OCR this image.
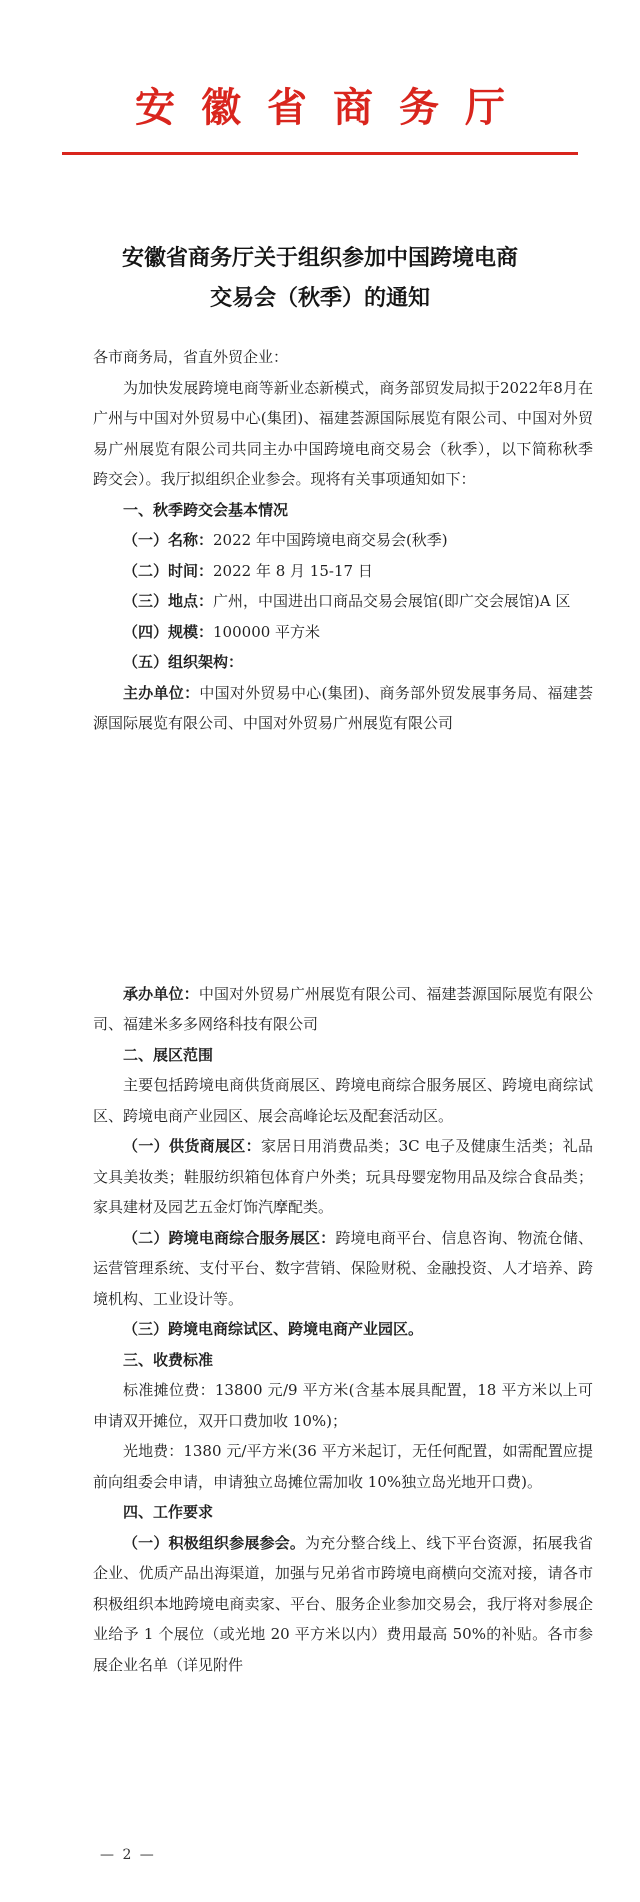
安徽省商务厅
安徽省商务厅关于组织参加中国跨境电商
交易会（秋季）的通知

各市商务局，省直外贸企业：

为加快发展跨境电商等新业态新模式，商务部贸发局拟于2022年8月在广州与中国对外贸易中心(集团)、福建荟源国际展览有限公司、中国对外贸易广州展览有限公司共同主办中国跨境电商交易会（秋季），以下简称秋季跨交会）。我厅拟组织企业参会。现将有关事项通知如下：

一、秋季跨交会基本情况

（一）名称：2022 年中国跨境电商交易会(秋季)

（二）时间：2022 年 8 月 15-17 日

（三）地点：广州，中国进出口商品交易会展馆(即广交会展馆)A 区

（四）规模：100000 平方米

（五）组织架构：

主办单位：中国对外贸易中心(集团)、商务部外贸发展事务局、福建荟源国际展览有限公司、中国对外贸易广州展览有限公司

承办单位：中国对外贸易广州展览有限公司、福建荟源国际展览有限公司、福建米多多网络科技有限公司

二、展区范围

主要包括跨境电商供货商展区、跨境电商综合服务展区、跨境电商综试区、跨境电商产业园区、展会高峰论坛及配套活动区。

（一）供货商展区：家居日用消费品类；3C 电子及健康生活类；礼品文具美妆类；鞋服纺织箱包体育户外类；玩具母婴宠物用品及综合食品类；家具建材及园艺五金灯饰汽摩配类。

（二）跨境电商综合服务展区：跨境电商平台、信息咨询、物流仓储、运营管理系统、支付平台、数字营销、保险财税、金融投资、人才培养、跨境机构、工业设计等。

（三）跨境电商综试区、跨境电商产业园区。

三、收费标准

标准摊位费：13800 元/9 平方米(含基本展具配置，18 平方米以上可申请双开摊位，双开口费加收 10%)；

光地费：1380 元/平方米(36 平方米起订，无任何配置，如需配置应提前向组委会申请，申请独立岛摊位需加收 10%独立岛光地开口费)。

四、工作要求

（一）积极组织参展参会。为充分整合线上、线下平台资源，拓展我省企业、优质产品出海渠道，加强与兄弟省市跨境电商横向交流对接，请各市积极组织本地跨境电商卖家、平台、服务企业参加交易会，我厅将对参展企业给予 1 个展位（或光地 20 平方米以内）费用最高 50%的补贴。各市参展企业名单（详见附件

— 2 —
